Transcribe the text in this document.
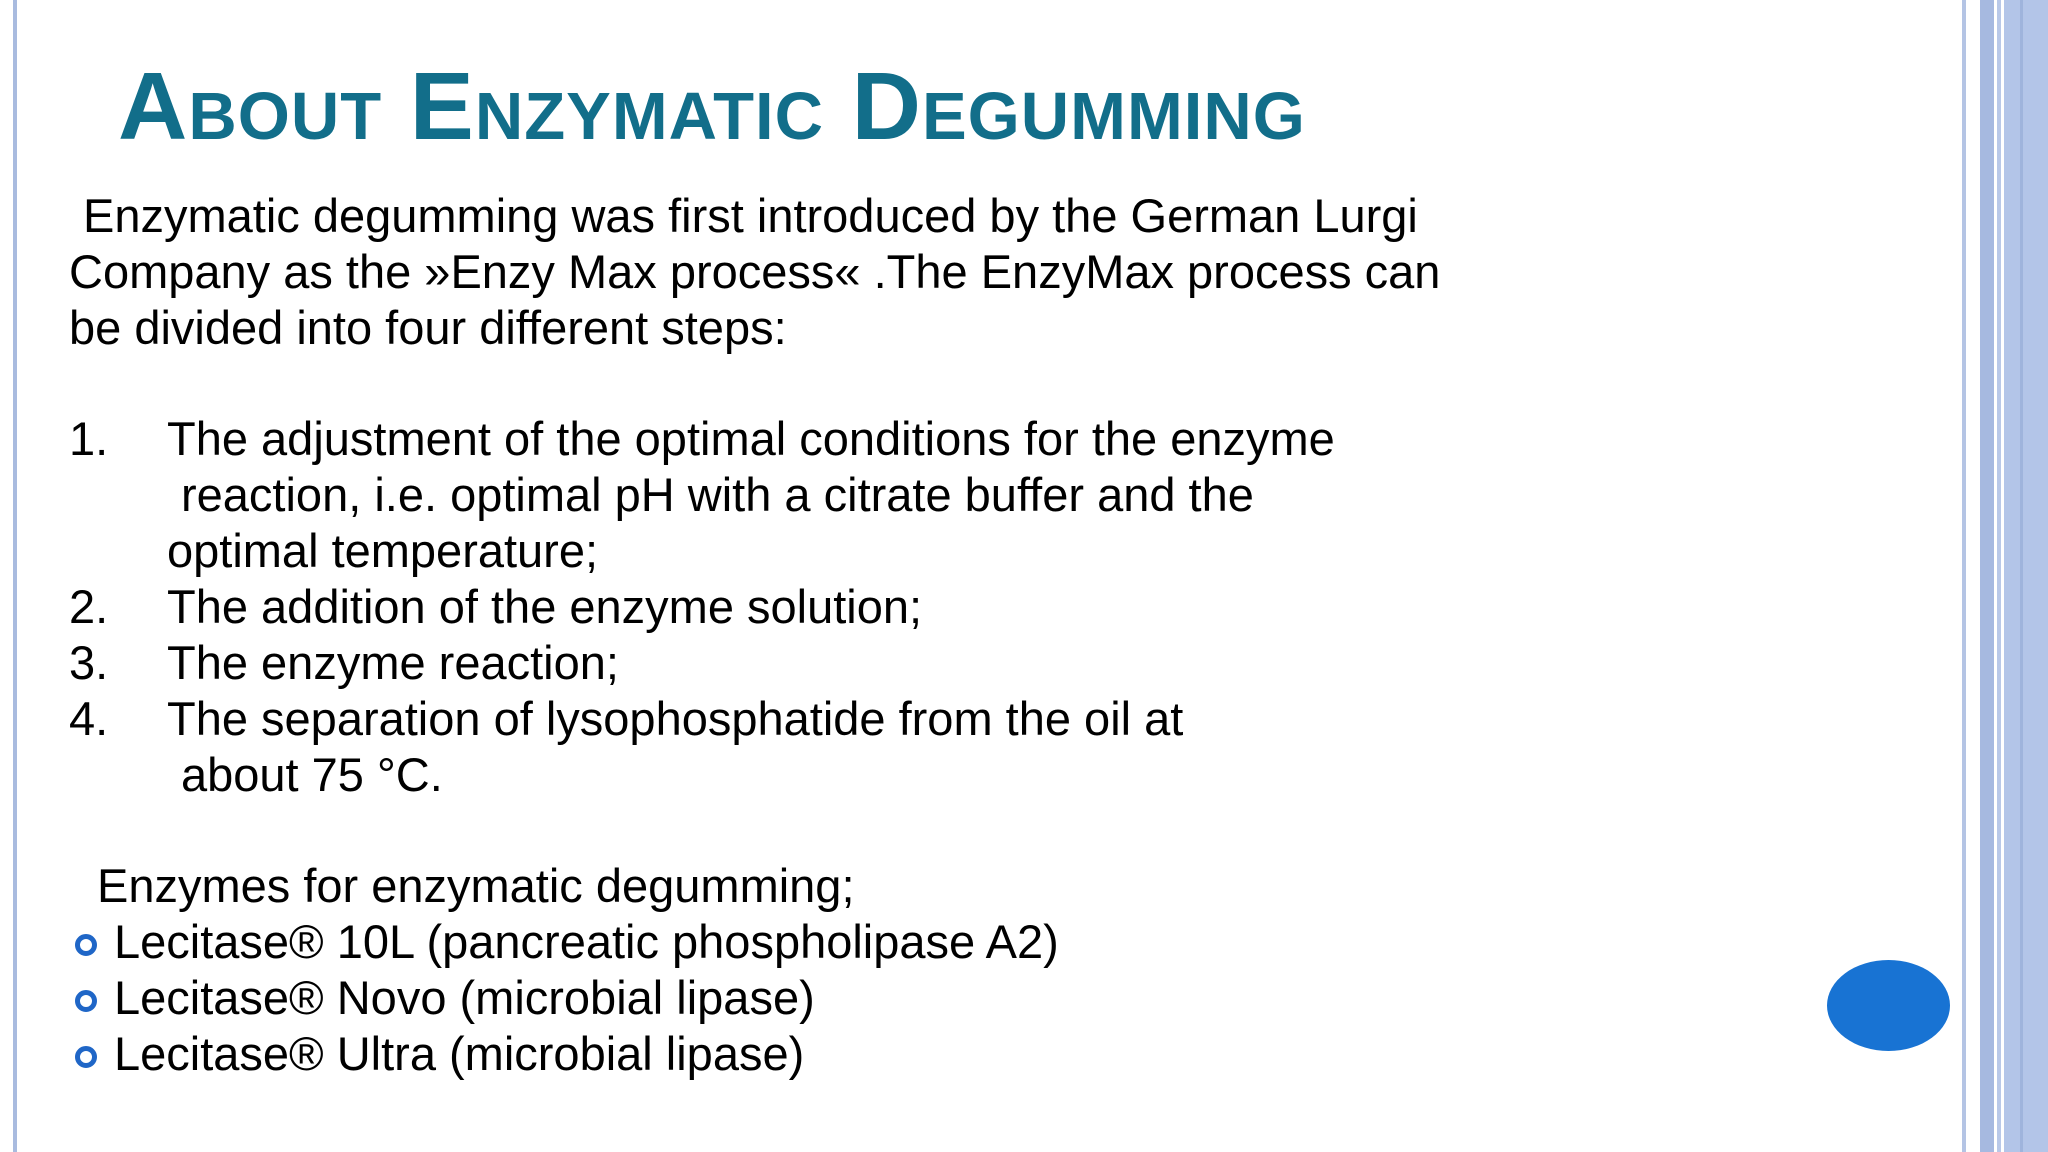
About Enzymatic Degumming
Enzymatic degumming was first introduced by the German Lurgi
Company as the »Enzy Max process« .The EnzyMax process can
be divided into four different steps:
1.	The adjustment of the optimal conditions for the enzyme
reaction, i.e. optimal pH with a citrate buffer and the
optimal temperature;
2.	The addition of the enzyme solution;
3.	The enzyme reaction;
4.	The separation of lysophosphatide from the oil at
about 75 °C.
Enzymes for enzymatic degumming;
Lecitase® 10L (pancreatic phospholipase A2)
Lecitase® Novo (microbial lipase)
Lecitase® Ultra (microbial lipase)
